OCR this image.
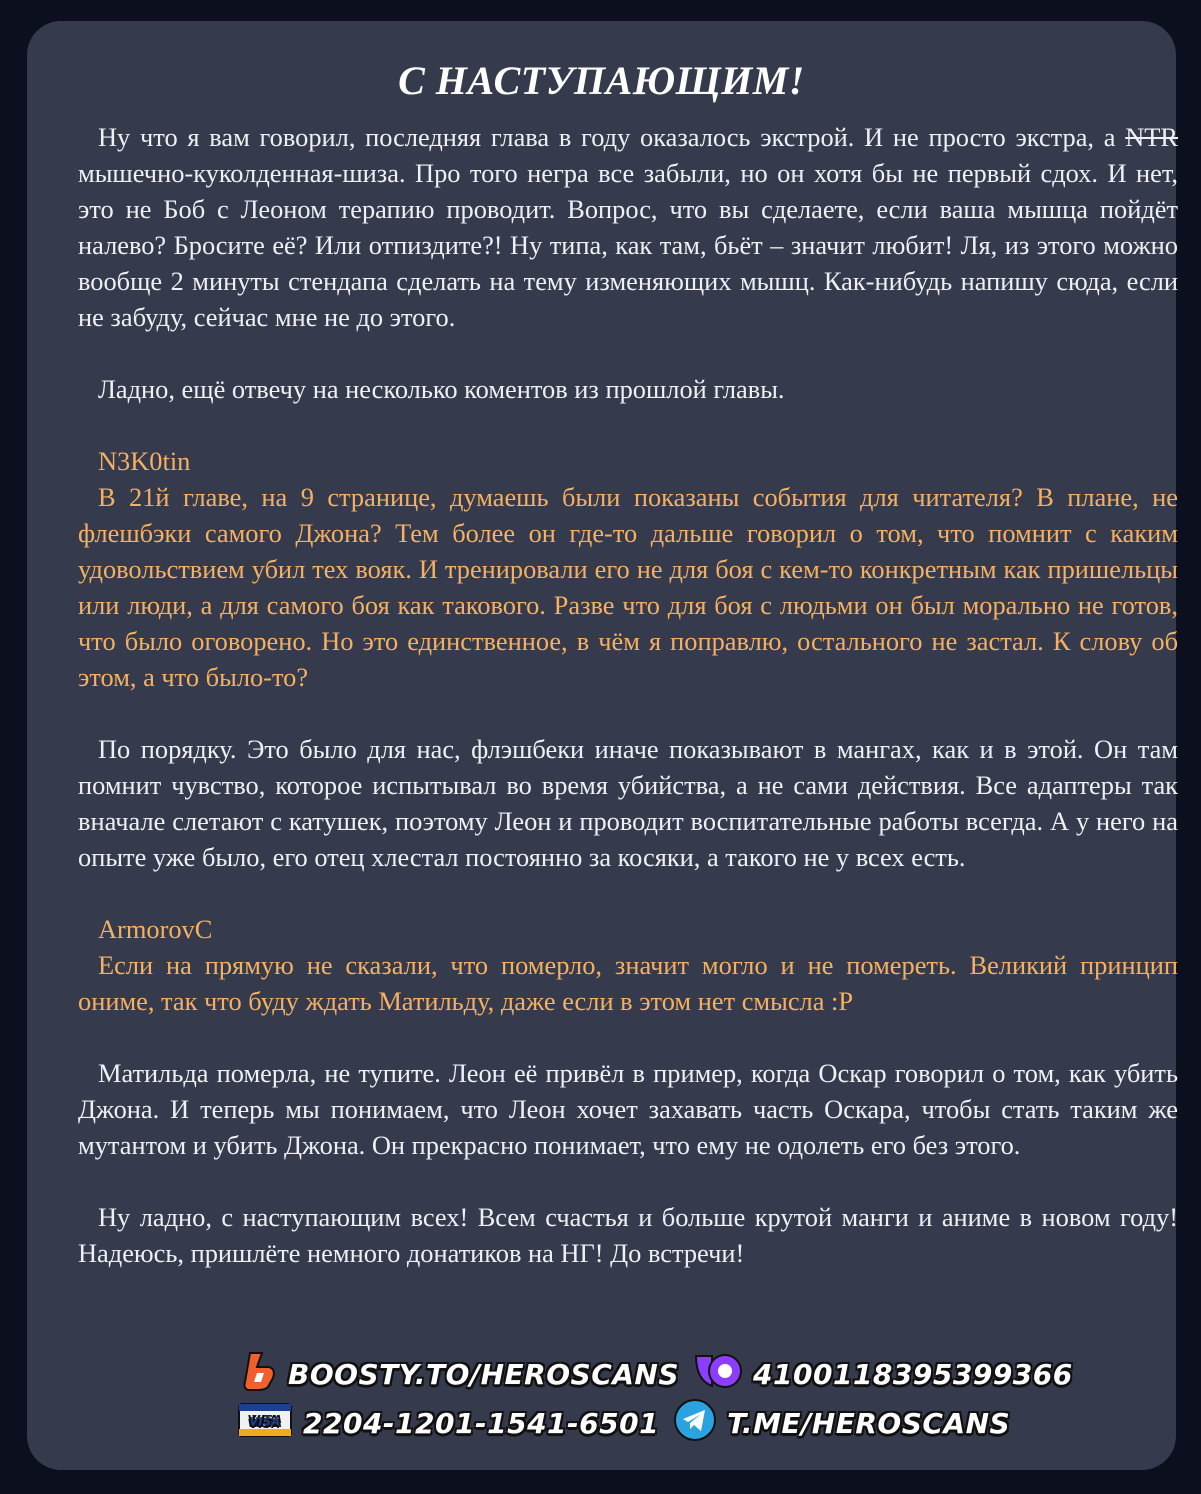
С НАСТУПАЮЩИМ!

Ну что я вам говорил, последняя глава в году оказалось экстрой. И не просто экстра, а NTR мышечно-куколденная-шиза. Про того негра все забыли, но он хотя бы не первый сдох. И нет, это не Боб с Леоном терапию проводит. Вопрос, что вы сделаете, если ваша мышца пойдёт налево? Бросите её? Или отпиздите?! Ну типа, как там, бьёт – значит любит! Ля, из этого можно вообще 2 минуты стендапа сделать на тему изменяющих мышц. Как-нибудь напишу сюда, если не забуду, сейчас мне не до этого.

Ладно, ещё отвечу на несколько коментов из прошлой главы.

N3K0tin

В 21й главе, на 9 странице, думаешь были показаны события для читателя? В плане, не флешбэки самого Джона? Тем более он где-то дальше говорил о том, что помнит с каким удовольствием убил тех вояк. И тренировали его не для боя с кем-то конкретным как пришельцы или люди, а для самого боя как такового. Разве что для боя с людьми он был морально не готов, что было оговорено. Но это единственное, в чём я поправлю, остального не застал. К слову об этом, а что было-то?

По порядку. Это было для нас, флэшбеки иначе показывают в мангах, как и в этой. Он там помнит чувство, которое испытывал во время убийства, а не сами действия. Все адаптеры так вначале слетают с катушек, поэтому Леон и проводит воспитательные работы всегда. А у него на опыте уже было, его отец хлестал постоянно за косяки, а такого не у всех есть.

ArmorovC

Если на прямую не сказали, что померло, значит могло и не помереть. Великий принцип ониме, так что буду ждать Матильду, даже если в этом нет смысла :P

Матильда померла, не тупите. Леон её привёл в пример, когда Оскар говорил о том, как убить Джона. И теперь мы понимаем, что Леон хочет захавать часть Оскара, чтобы стать таким же мутантом и убить Джона. Он прекрасно понимает, что ему не одолеть его без этого.

Ну ладно, с наступающим всех! Всем счастья и больше крутой манги и аниме в новом году! Надеюсь, пришлёте немного донатиков на НГ! До встречи!

BOOSTY.TO/HEROSCANS	4100118395399366
VISA 2204-1201-1541-6501 T.ME/HEROSCANS
